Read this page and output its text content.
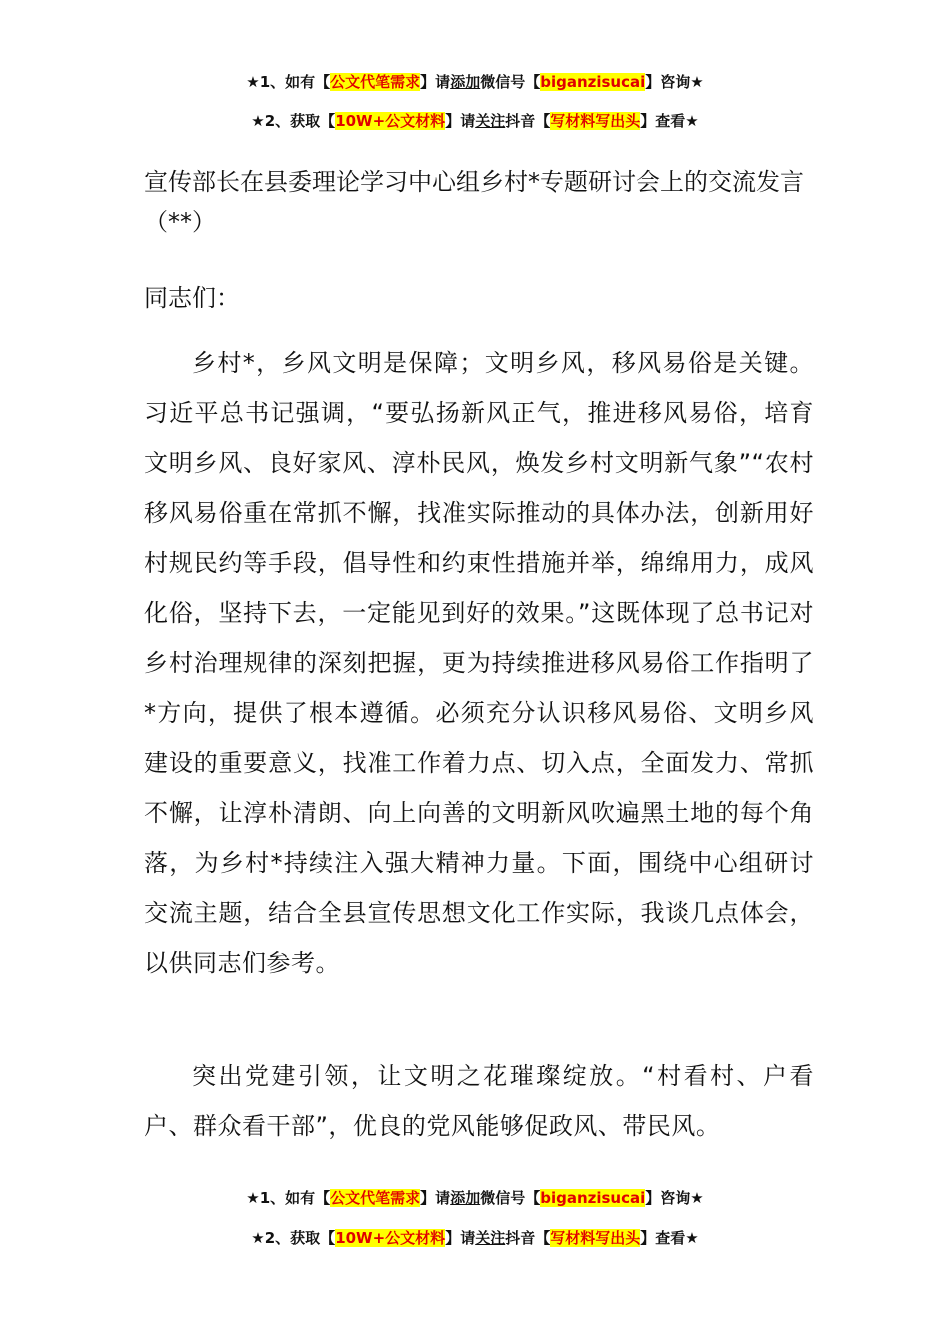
★1、如有【公文代笔需求】请添加微信号【biganzisucai】咨询★
★2、获取【10W+公文材料】请关注抖音【写材料写出头】查看★
宣传部长在县委理论学习中心组乡村*专题研讨会上的交流发言（**）

同志们：

乡村*，乡风文明是保障；文明乡风，移风易俗是关键。习近平总书记强调，“要弘扬新风正气，推进移风易俗，培育文明乡风、良好家风、淳朴民风，焕发乡村文明新气象”“农村移风易俗重在常抓不懈，找准实际推动的具体办法，创新用好村规民约等手段，倡导性和约束性措施并举，绵绵用力，成风化俗，坚持下去，一定能见到好的效果。”这既体现了总书记对乡村治理规律的深刻把握，更为持续推进移风易俗工作指明了*方向，提供了根本遵循。必须充分认识移风易俗、文明乡风建设的重要意义，找准工作着力点、切入点，全面发力、常抓不懈，让淳朴清朗、向上向善的文明新风吹遍黑土地的每个角落，为乡村*持续注入强大精神力量。下面，围绕中心组研讨交流主题，结合全县宣传思想文化工作实际，我谈几点体会，以供同志们参考。

突出党建引领，让文明之花璀璨绽放。“村看村、户看户、群众看干部”，优良的党风能够促政风、带民风。

★1、如有【公文代笔需求】请添加微信号【biganzisucai】咨询★
★2、获取【10W+公文材料】请关注抖音【写材料写出头】查看★
